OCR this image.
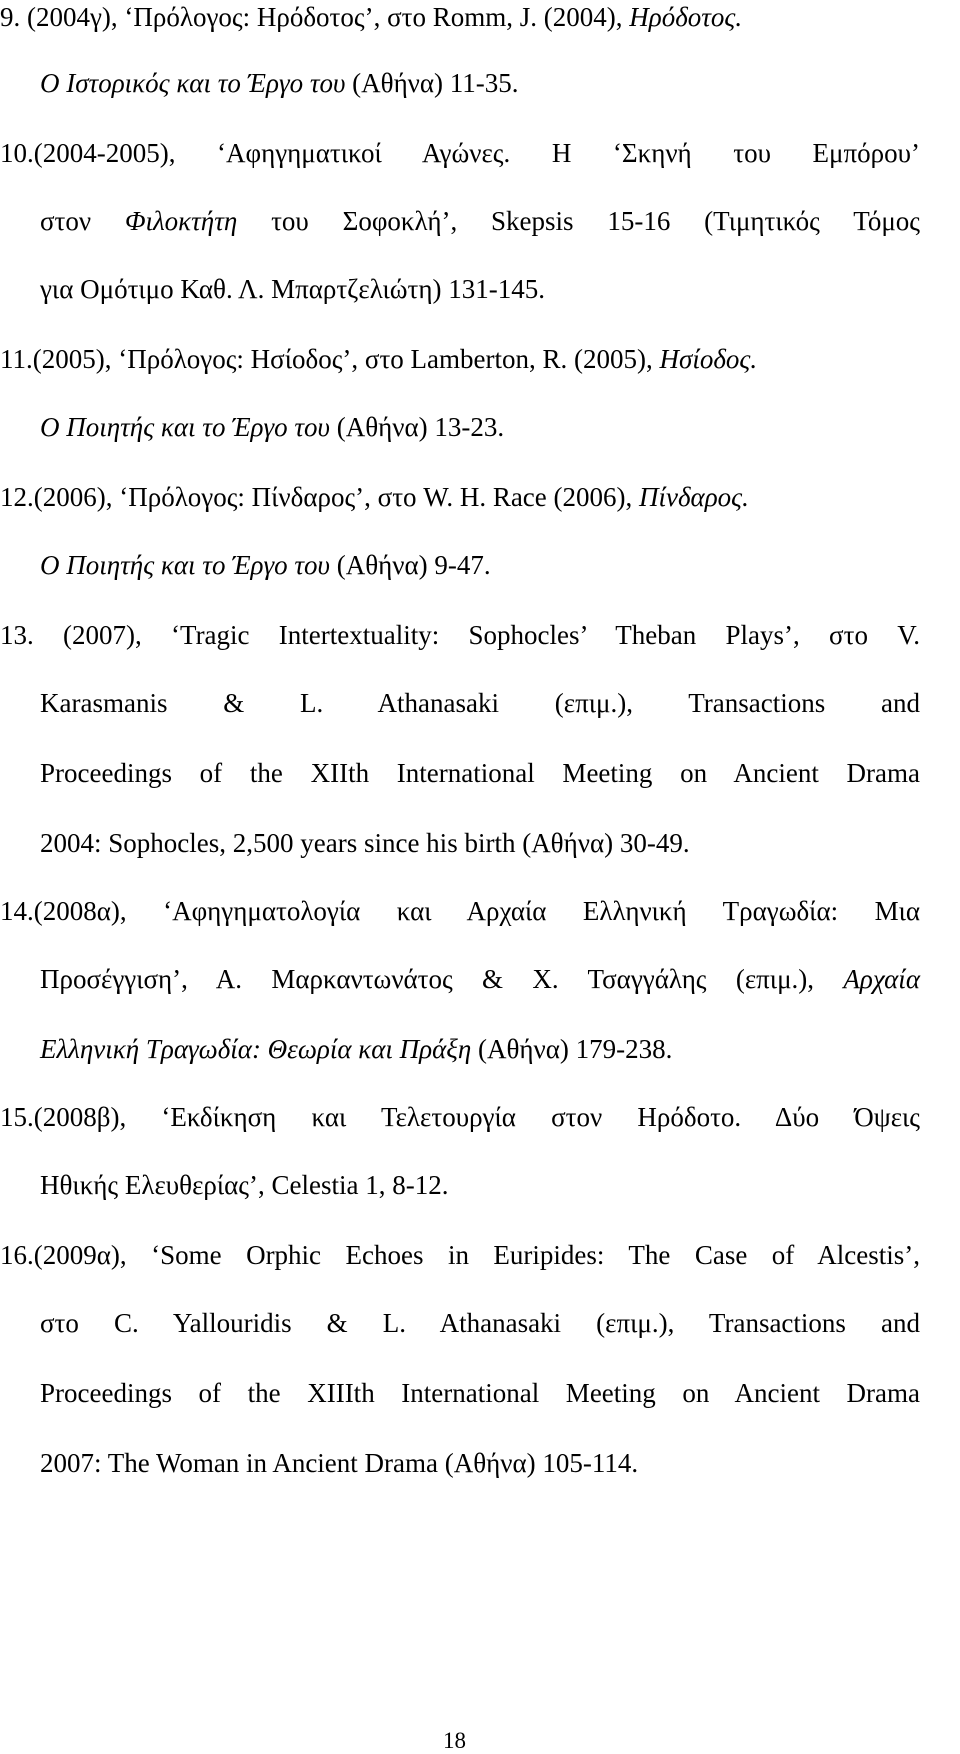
9. (2004γ), ‘Πρόλογος: Ηρόδοτος’, στο Romm, J. (2004), Ηρόδοτος.
Ο Ιστορικός και το Έργο του (Αθήνα) 11-35.
10.(2004-2005), ‘Αφηγηματικοί Αγώνες. Η ‘Σκηνή του Εμπόρου’
στον Φιλοκτήτη του Σοφοκλή’, Skepsis 15-16 (Τιμητικός Τόμος
για Ομότιμο Καθ. Λ. Μπαρτζελιώτη) 131-145.
11.(2005), ‘Πρόλογος: Ησίοδος’, στο Lamberton, R. (2005), Ησίοδος.
Ο Ποιητής και το Έργο του (Αθήνα) 13-23.
12.(2006), ‘Πρόλογος: Πίνδαρος’, στο W. H. Race (2006), Πίνδαρος.
Ο Ποιητής και το Έργο του (Αθήνα) 9-47.
13. (2007), ‘Tragic Intertextuality: Sophocles’ Theban Plays’, στο V.
Karasmanis & L. Athanasaki (επιμ.), Transactions and
Proceedings of the XIIth International Meeting on Ancient Drama
2004: Sophocles, 2,500 years since his birth (Αθήνα) 30-49.
14.(2008α), ‘Αφηγηματολογία και Αρχαία Ελληνική Τραγωδία: Μια
Προσέγγιση’, Α. Μαρκαντωνάτος & Χ. Τσαγγάλης (επιμ.), Αρχαία
Ελληνική Τραγωδία: Θεωρία και Πράξη (Αθήνα) 179-238.
15.(2008β), ‘Εκδίκηση και Τελετουργία στον Ηρόδοτο. Δύο Όψεις
Ηθικής Ελευθερίας’, Celestia 1, 8-12.
16.(2009α), ‘Some Orphic Echoes in Euripides: The Case of Alcestis’,
στο C. Yallouridis & L. Athanasaki (επιμ.), Transactions and
Proceedings of the XIIIth International Meeting on Ancient Drama
2007: The Woman in Ancient Drama (Αθήνα) 105-114.
18
